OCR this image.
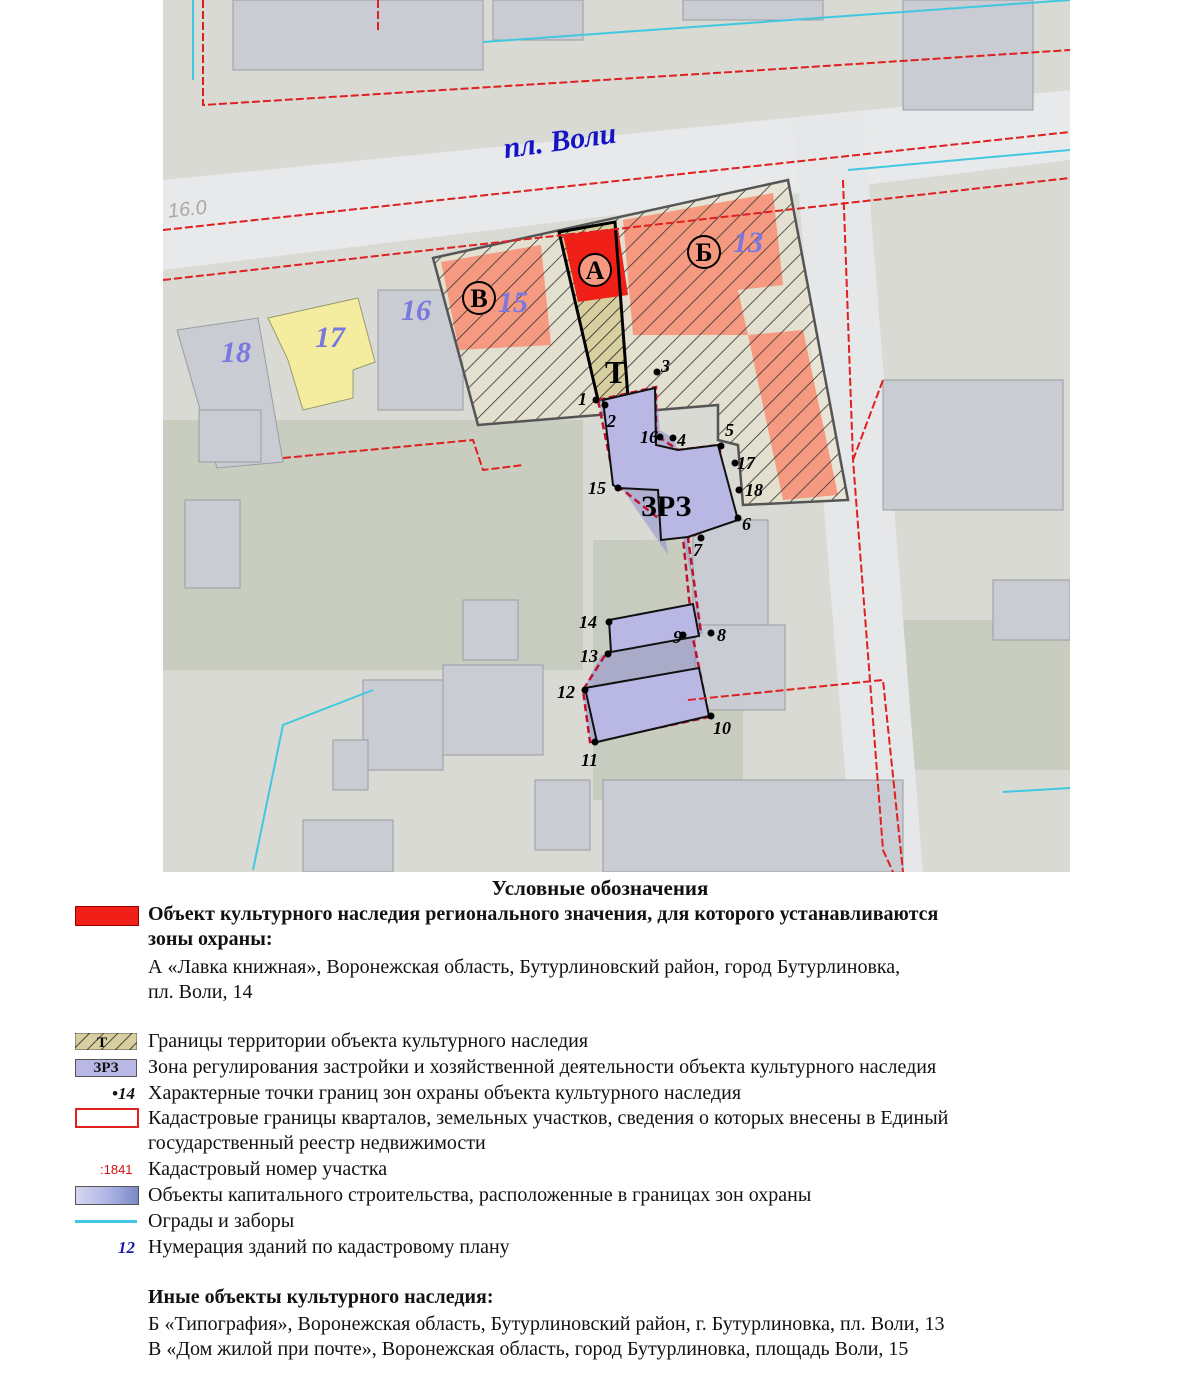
пл. Воли
16.0
А
Б
В
13
15
16
17
18
Т
ЗРЗ
1
2
3
4 5
6
7
8
9
10
11
12
13
14
15
16
17
18
Условные обозначения
Объект культурного наследия регионального значения, для которого устанавливаются
зоны охраны:
А «Лавка книжная», Воронежская область, Бутурлиновский район, город Бутурлиновка,
пл. Воли, 14
Т Границы территории объекта культурного наследия
ЗРЗ	Зона регулирования застройки и хозяйственной деятельности объекта культурного наследия
•14 Характерные точки границ зон охраны объекта культурного наследия
Кадастровые границы кварталов, земельных участков, сведения о которых внесены в Единый
государственный реестр недвижимости
:1841 Кадастровый номер участка
Объекты капитального строительства, расположенные в границах зон охраны
Ограды и заборы
12 Нумерация зданий по кадастровому плану
Иные объекты культурного наследия:
Б «Типография», Воронежская область, Бутурлиновский район, г. Бутурлиновка, пл. Воли, 13
В «Дом жилой при почте», Воронежская область, город Бутурлиновка, площадь Воли, 15
